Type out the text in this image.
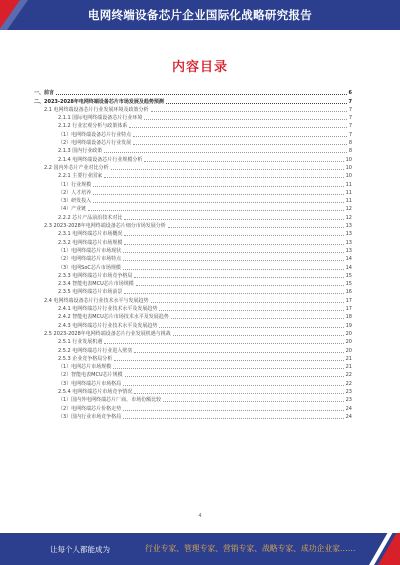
电网终端设备芯片企业国际化战略研究报告
内容目录
一、前言	6
二、2023-2028年电网终端设备芯片市场发展及趋势预测	7
2.1 电网终端设备芯片行业发展环境及政策分析	7
2.1.1 国际电网终端设备芯片行业环境	7
2.1.2 行业宏观分析与政策体系	7
（1）电网终端设备芯片行业特点	7
（2）电网终端设备芯片行业发展	8
2.1.3 国内行业政策	8
2.1.4 电网终端设备芯片行业规模分析	10
2.2 国内外芯片产业对比分析	10
2.2.1 主要行业国家	10
（1）行业规模	11
（2）人才培养	11
（3）研发投入	11
（4）产业链	12
2.2.2 芯片产品前沿技术对比	12
2.3 2023-2028年电网终端设备芯片细分市场发展分析	13
2.3.1 电网终端芯片市场概况	13
2.3.2 电网终端芯片市场规模	13
（1）电网终端芯片市场现状	13
（2）电网终端芯片市场特点	14
（3）电网SoC芯片市场规模	14
2.3.3 电网终端芯片市场竞争格局	15
2.3.4 智能电表MCU芯片市场规模	15
2.3.5 电网终端芯片市场前景	16
2.4 电网终端设备芯片行业技术水平与发展趋势	17
2.4.1 电网终端芯片行业技术水平及发展趋势	17
2.4.2 智能电表MCU芯片市场技术水平及发展趋势	18
2.4.3 电网终端芯片行业技术水平及发展趋势	19
2.5 2023-2028年电网终端设备芯片行业发展机遇与挑战	20
2.5.1 行业发展机遇	20
2.5.2 电网终端芯片行业进入壁垒	20
2.5.3 企业竞争格局分析	21
（1）电网芯片市场规模	21
（2）智能电表MCU芯片规模	22
（3）电网终端芯片市场格局	22
2.5.4 电网终端芯片市场竞争情况	23
（1）国内外电网终端芯片厂商、市场份额比较	23
（2）电网终端芯片价格走势	24
（3）国内行业市场竞争格局	24
4
让每个人都能成为	行业专家、管理专家、营销专家、战略专家、成功企业家……
